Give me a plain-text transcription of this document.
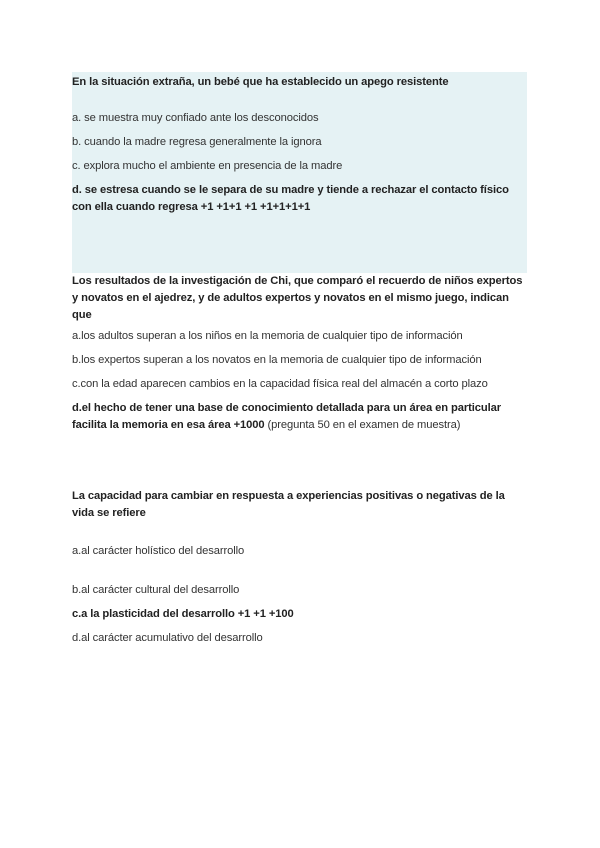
En la situación extraña, un bebé que ha establecido un apego resistente

a. se muestra muy confiado ante los desconocidos

b. cuando la madre regresa generalmente la ignora

c. explora mucho el ambiente en presencia de la madre

d. se estresa cuando se le separa de su madre y tiende a rechazar el contacto físico con ella cuando regresa +1 +1+1 +1 +1+1+1+1

Los resultados de la investigación de Chi, que comparó el recuerdo de niños expertos y novatos en el ajedrez, y de adultos expertos y novatos en el mismo juego, indican que

a.los adultos superan a los niños en la memoria de cualquier tipo de información

b.los expertos superan a los novatos en la memoria de cualquier tipo de información

c.con la edad aparecen cambios en la capacidad física real del almacén a corto plazo

d.el hecho de tener una base de conocimiento detallada para un área en particular facilita la memoria en esa área +1000 (pregunta 50 en el examen de muestra)

La capacidad para cambiar en respuesta a experiencias positivas o negativas de la vida se refiere

a.al carácter holístico del desarrollo

b.al carácter cultural del desarrollo

c.a la plasticidad del desarrollo +1 +1 +100

d.al carácter acumulativo del desarrollo
